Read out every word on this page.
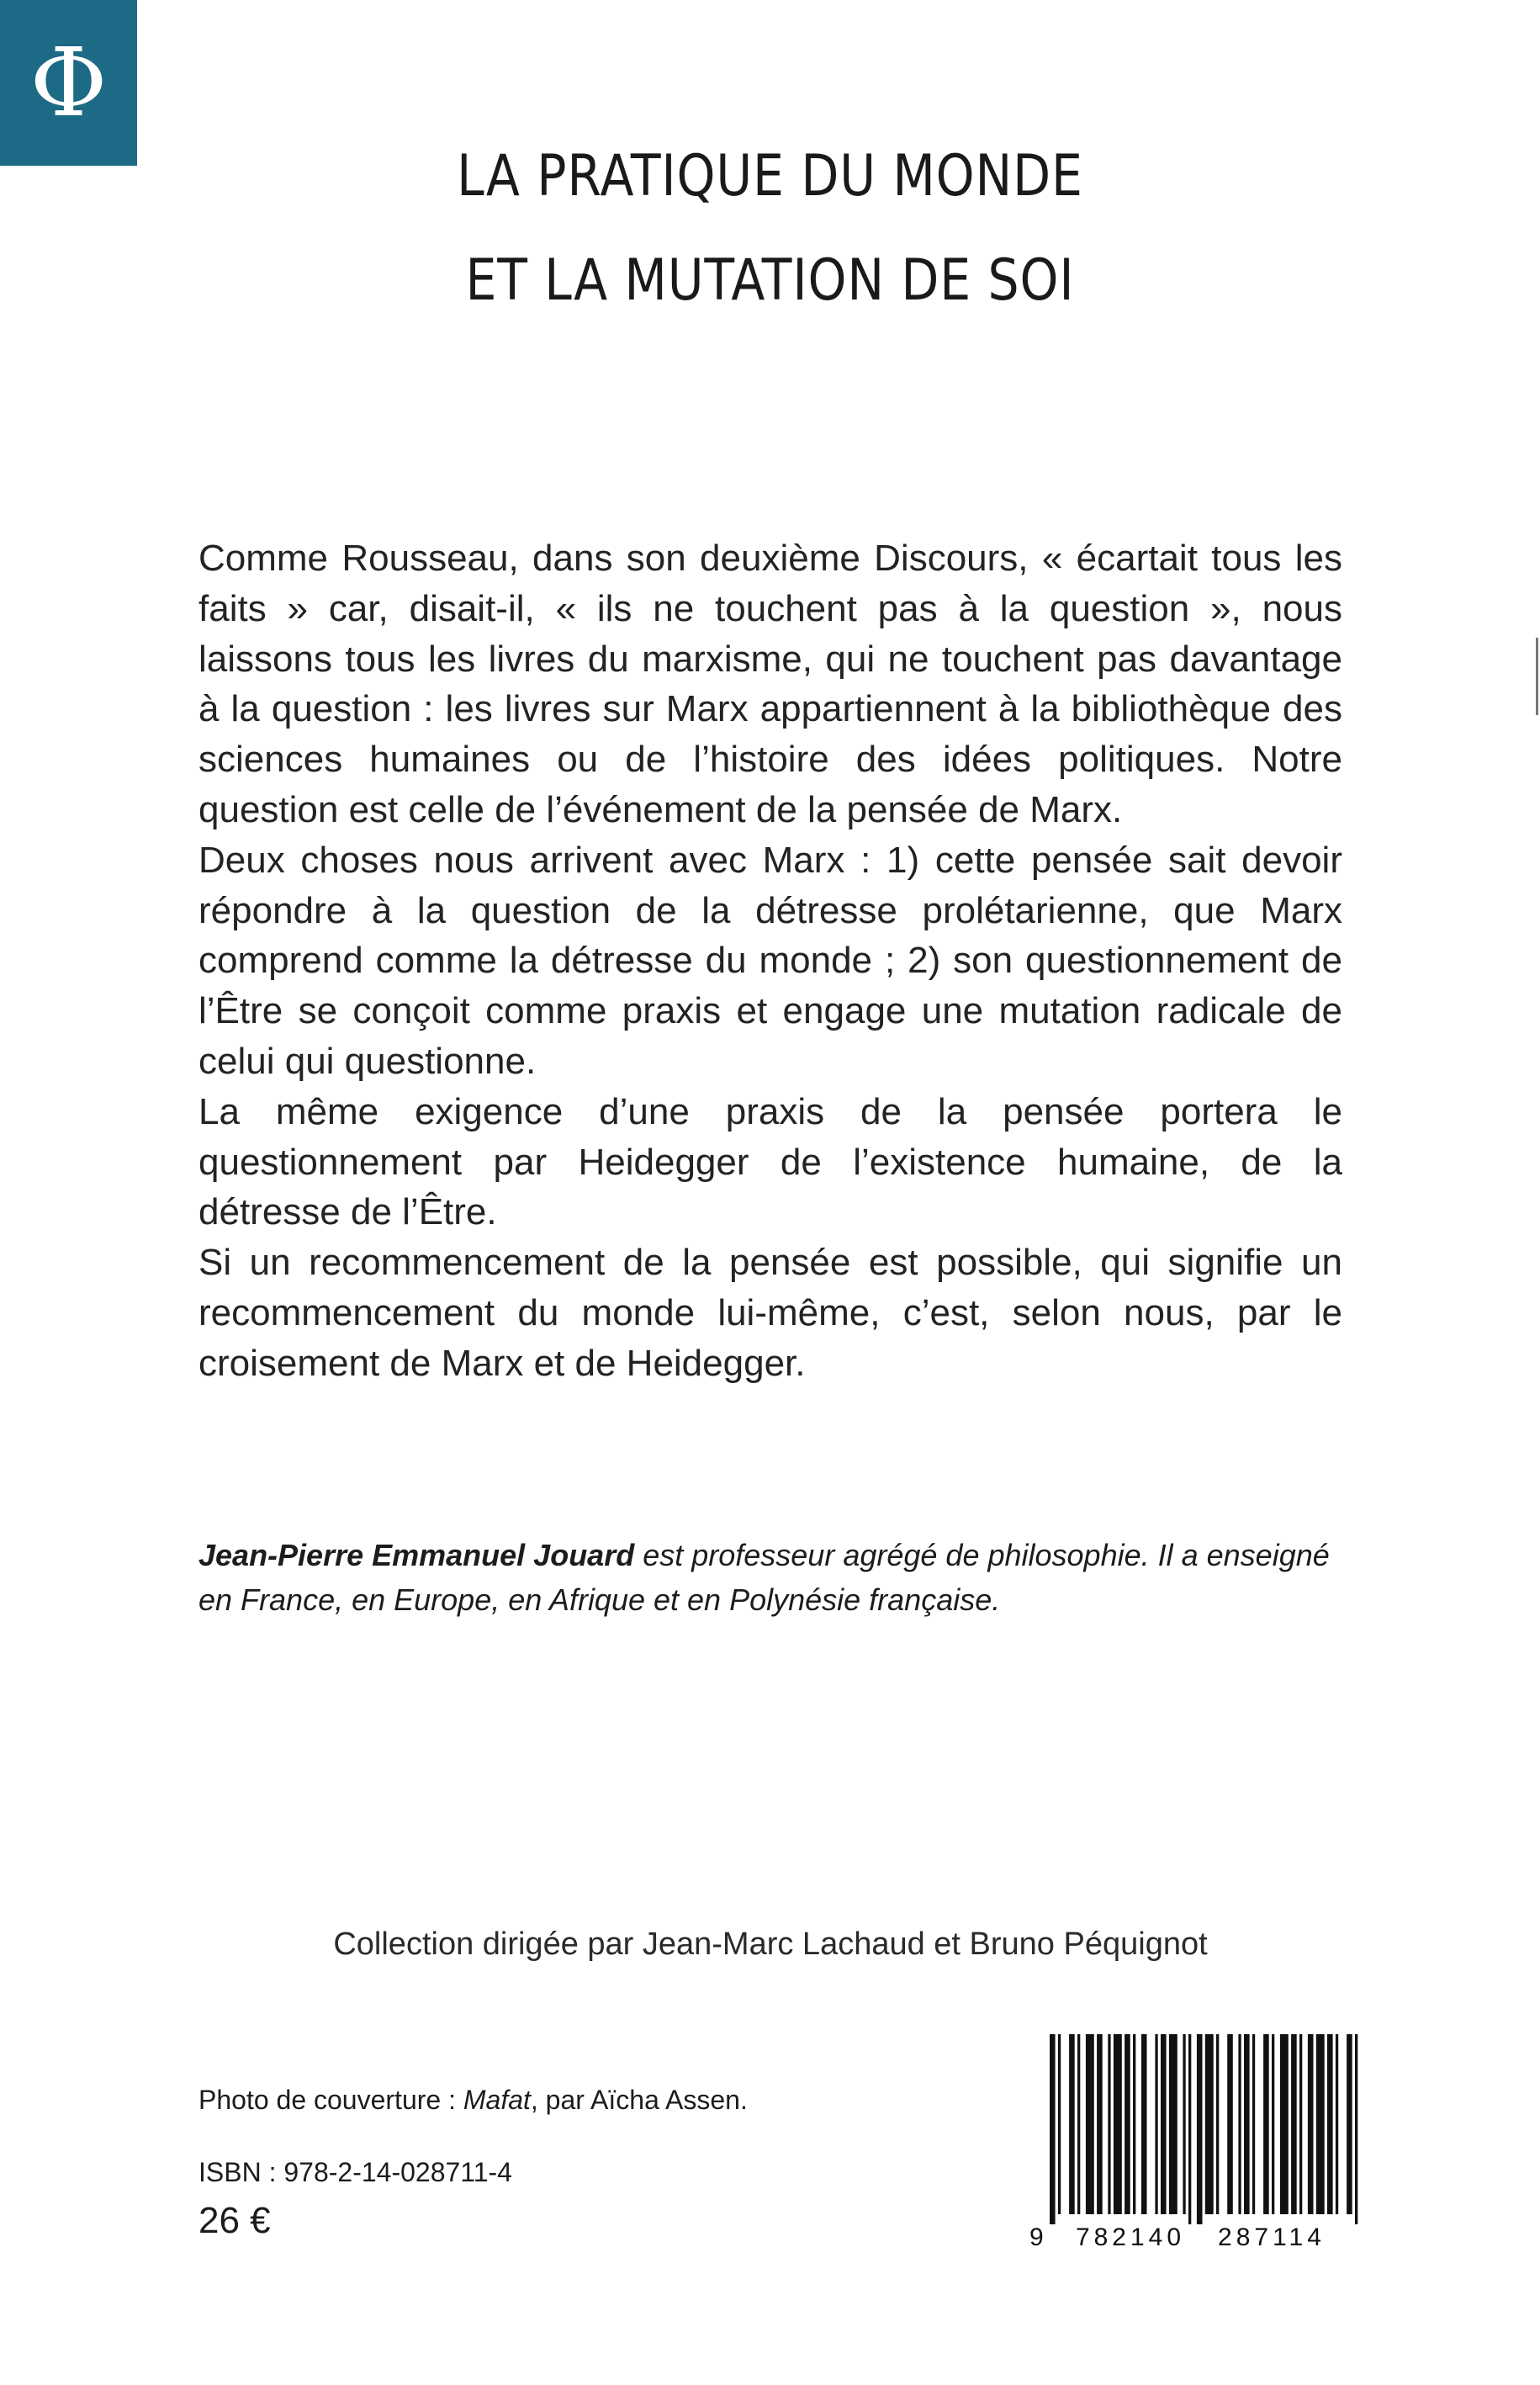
Φ
LA PRATIQUE DU MONDE
ET LA MUTATION DE SOI

Comme Rousseau, dans son deuxième Discours, « écartait tous les faits » car, disait-il, « ils ne touchent pas à la question », nous laissons tous les livres du marxisme, qui ne touchent pas davantage à la question : les livres sur Marx appartiennent à la bibliothèque des sciences humaines ou de l’histoire des idées politiques. Notre question est celle de l’événement de la pensée de Marx.

Deux choses nous arrivent avec Marx : 1) cette pensée sait devoir répondre à la question de la détresse prolétarienne, que Marx comprend comme la détresse du monde ; 2) son questionnement de l’Être se conçoit comme praxis et engage une mutation radicale de celui qui questionne.

La même exigence d’une praxis de la pensée portera le questionnement par Heidegger de l’existence humaine, de la détresse de l’Être.

Si un recommencement de la pensée est possible, qui signifie un recommencement du monde lui-même, c’est, selon nous, par le croisement de Marx et de Heidegger.

Jean-Pierre Emmanuel Jouard est professeur agrégé de philosophie. Il a enseigné en France, en Europe, en Afrique et en Polynésie française.
Collection dirigée par Jean-Marc Lachaud et Bruno Péquignot
Photo de couverture : Mafat, par Aïcha Assen.
ISBN : 978-2-14-028711-4
26 €	9 782140 287114
